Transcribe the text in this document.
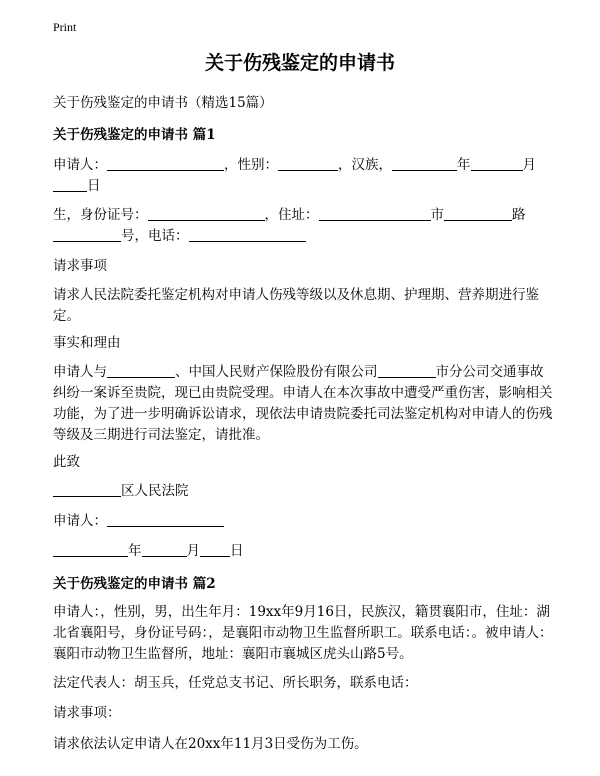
Print
关于伤残鉴定的申请书
关于伤残鉴定的申请书（精选15篇）
关于伤残鉴定的申请书 篇1
申请人：	，性别：	，汉族，	年	月
日
生，身份证号：	，住址：	市	路
号，电话：
请求事项
请求人民法院委托鉴定机构对申请人伤残等级以及休息期、护理期、营养期进行鉴定。
事实和理由
申请人与	、中国人民财产保险股份有限公司	市分公司交通事故纠纷一案诉至贵院，现已由贵院受理。申请人在本次事故中遭受严重伤害，影响相关功能，为了进一步明确诉讼请求，现依法申请贵院委托司法鉴定机构对申请人的伤残等级及三期进行司法鉴定，请批准。
此致
区人民法院
申请人：
年	月 日
关于伤残鉴定的申请书 篇2
申请人：，性别，男，出生年月：19xx年9月16日，民族汉，籍贯襄阳市，住址：湖北省襄阳号，身份证号码：，是襄阳市动物卫生监督所职工。联系电话：。被申请人：襄阳市动物卫生监督所，地址：襄阳市襄城区虎头山路5号。
法定代表人：胡玉兵，任党总支书记、所长职务，联系电话：
请求事项：
请求依法认定申请人在20xx年11月3日受伤为工伤。
